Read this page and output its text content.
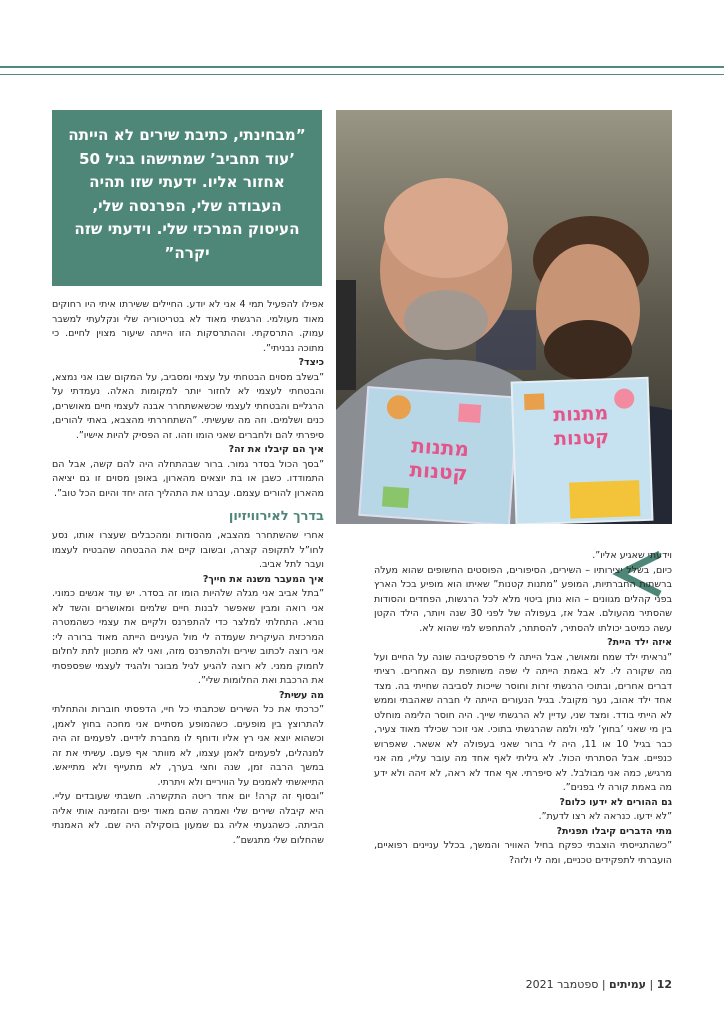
”מבחינתי, כתיבת שירים לא הייתה ’עוד תחביב’ שמתישהו בגיל 50 אחזור אליו. ידעתי שזו תהיה העבודה שלי, הפרנסה שלי, העיסוק המרכזי שלי. וידעתי שזה יקרה”
מתנות
קטנות
מתנות
קטנות

אפילו להפעיל תמי 4 אני לא יודע. החיילים ששירתו איתי היו רחוקים מאוד מעולמי. הרגשתי מאוד לא בטריטוריה שלי ונקלעתי למשבר עמוק. התרסקתי. וההתרסקות הזו הייתה שיעור מצוין לחיים. כי מתוכה נבניתי”.

כיצד?

”בשלב מסוים הבטחתי על עצמי ומסביב, על המקום שבו אני נמצא, והבטחתי לעצמי לא לחזור יותר למקומות האלה. נעמדתי על הרגליים והבטחתי לעצמי שכשאשתחרר אבנה לעצמי חיים מאושרים, כנים ושלמים. וזה מה שעשיתי. ”השתחררתי מהצבא, באתי להורים, סיפרתי להם ולחברים שאני הומו וזהו. זה הפסיק להיות אישיו”.

איך הם קיבלו את זה?

”בסך הכול בסדר גמור. ברור שבהתחלה היה להם קשה, אבל הם התמודדו. כשבן או בת יוצאים מהארון, באופן מסוים זו גם יציאה מהארון להורים עצמם. עברנו את התהליך הזה יחד והיום הכל טוב”.

בדרך לאירוויזיון

אחרי שהשתחרר מהצבא, מהסודות ומהכבלים שעצרו אותו, נסע לחו”ל לתקופה קצרה, ובשובו קיים את ההבטחה שהבטיח לעצמו ועבר לתל אביב.

איך המעבר משנה את חייך?

”בתל אביב אני מגלה שלהיות הומו זה בסדר. יש עוד אנשים כמוני. אני רואה ומבין שאפשר לבנות חיים שלמים ומאושרים והשד לא נורא. התחלתי למלצר כדי להתפרנס ולקיים את עצמי כשהמטרה המרכזית העיקרית שעמדה לי מול העיניים הייתה מאוד ברורה לי: אני רוצה לכתוב שירים ולהתפרנס מזה, ואני לא מתכוון לתת לחלום לחמוק ממני. לא רוצה להגיע לגיל מבוגר ולהגיד לעצמי שפספסתי את הרכבת ואת החלומות שלי”.

מה עשית?

”כרכתי את כל השירים שכתבתי כל חיי, הדפסתי חוברות והתחלתי להתרוצץ בין מופעים. כשהמופע מסתיים אני מחכה בחוץ לאמן, וכשהוא יוצא אני רץ אליו ודוחף לו מחברת לידיים. לפעמים זה היה למנהלים, לפעמים לאמן עצמו, לא מוותר אף פעם. עשיתי את זה במשך הרבה זמן, שנה וחצי בערך, לא מתעייף ולא מתייאש. התייאשתי לאמנים על הוויריים ולא ויתרתי.

”ובסוף זה קרה! יום אחד ריטה התקשרה. חשבתי שעובדים עליי. היא קיבלה שירים שלי ואמרה שהם מאוד יפים והזמינה אותי אליה הביתה. כשהגעתי אליה גם שמעון בוסקילה היה שם. לא האמנתי שהחלום שלי מתגשם”.

וידעתי שאגיע אליו”.

כיום, בשלל יצירותיו – השירים, הסיפורים, הפוסטים החשופים שהוא מעלה ברשתות החברתיות, המופע ”מתנות קטנות” שאיתו הוא מופיע בכל הארץ בפני קהלים מגוונים – הוא נותן ביטוי מלא לכל הרגשות, הפחדים והסודות שהסתיר מהעולם. אבל אז, בעפולה של לפני 30 שנה ויותר, הילד הקטן עשה כמיטב יכולתו להסתיר, להסתתר, להתחפש למי שהוא לא.

איזה ילד היית?

”נראיתי ילד שמח ומאושר, אבל הייתה לי פרספקטיבה שונה על החיים ועל מה שקורה לי. לא באמת הייתה לי שפה משותפת עם האחרים. רציתי דברים אחרים, ובתוכי הרגשתי זרות וחוסר שייכות לסביבה שחייתי בה. מצד אחד ילד אהוב, נער מקובל. בגיל הנעורים הייתה לי חברה שאהבתי וממש לא הייתי בודד. ומצד שני, עדיין לא הרגשתי שייך. היה חוסר הלימה מוחלט בין מי שאני ’בחוץ’ למי ולמה שהרגשתי בתוכי. אני זוכר שכילד מאוד צעיר, כבר בגיל 10 או 11, היה לי ברור שאני בעפולה לא אשאר. שאפרוש כנפיים. אבל הסתרתי הכול. לא גיליתי לאף אחד מה עובר עליי, מה אני מרגיש, כמה אני מבולבל. לא סיפרתי. אף אחד לא ראה, לא זיהה ולא ידע מה באמת קורה לי בפנים”.

גם ההורים לא ידעו כלום?

”לא ידעו. כנראה לא רצו לדעת”.

מתי הדברים קיבלו תפנית?

”כשהתגייסתי הוצבתי כפקח בחיל האוויר והמשך, בכלל עניינים רפואיים, הועברתי לתפקידים טכניים, ומה לי ולזה?

12 | עמיתים | ספטמבר 2021
